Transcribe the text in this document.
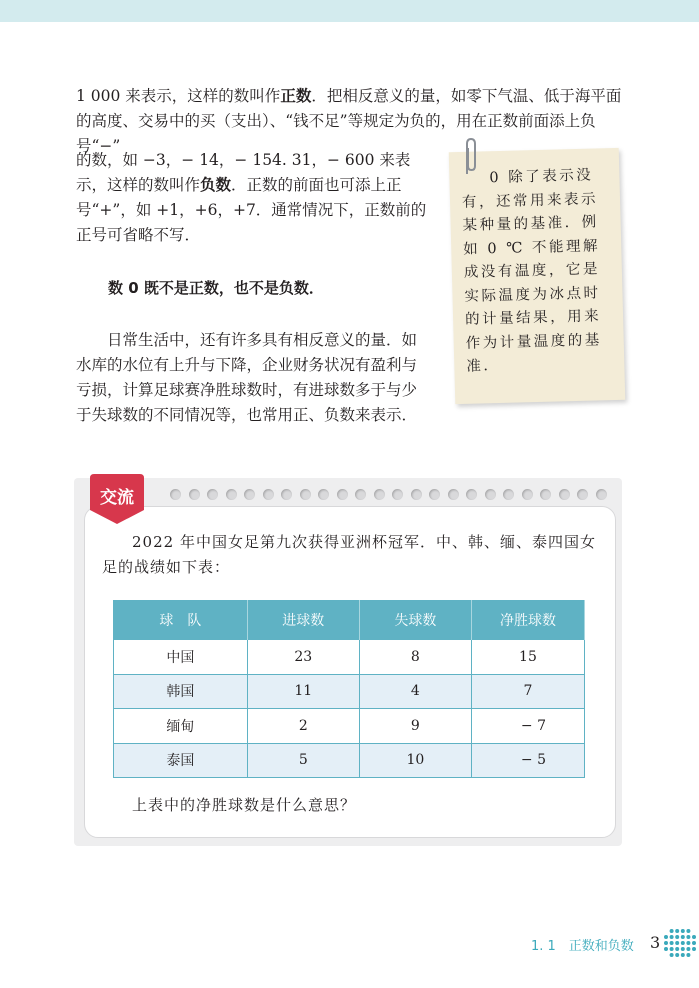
1 000 来表示，这样的数叫作正数．把相反意义的量，如零下气温、低于海平面的高度、交易中的买（支出）、“钱不足”等规定为负的，用在正数前面添上负号“−”

的数，如 −3，− 14，− 154. 31，− 600 来表示，这样的数叫作负数．正数的前面也可添上正号“+”，如 +1，+6，+7．通常情况下，正数前的正号可省略不写．

数 0 既不是正数，也不是负数．

日常生活中，还有许多具有相反意义的量．如水库的水位有上升与下降，企业财务状况有盈利与亏损，计算足球赛净胜球数时，有进球数多于与少于失球数的不同情况等，也常用正、负数来表示．

0 除了表示没有，还常用来表示某种量的基准．例如 0 ℃ 不能理解成没有温度，它是实际温度为冰点时的计量结果，用来作为计量温度的基准．

交流

2022 年中国女足第九次获得亚洲杯冠军．中、韩、缅、泰四国女足的战绩如下表：

球　队	进球数	失球数	净胜球数
中国	23	8	15
韩国	11	4	7
缅甸	2	9	− 7
泰国	5	10	− 5

上表中的净胜球数是什么意思？

1. 1　正数和负数 3
